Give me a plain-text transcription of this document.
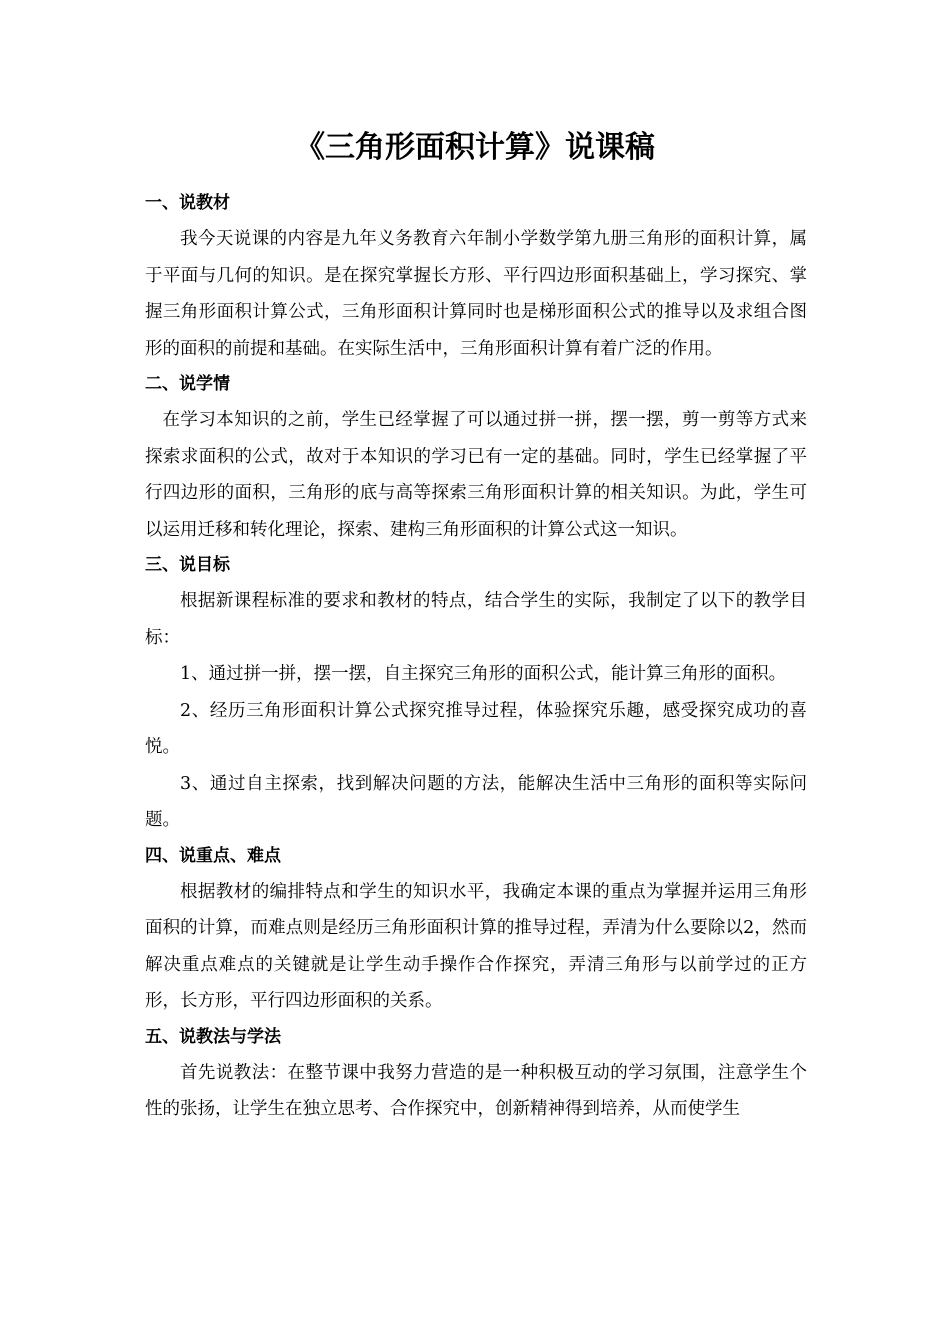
《三角形面积计算》说课稿

一、说教材

我今天说课的内容是九年义务教育六年制小学数学第九册三角形的面积计算，属于平面与几何的知识。是在探究掌握长方形、平行四边形面积基础上，学习探究、掌握三角形面积计算公式，三角形面积计算同时也是梯形面积公式的推导以及求组合图形的面积的前提和基础。在实际生活中，三角形面积计算有着广泛的作用。

二、说学情

在学习本知识的之前，学生已经掌握了可以通过拼一拼，摆一摆，剪一剪等方式来探索求面积的公式，故对于本知识的学习已有一定的基础。同时，学生已经掌握了平行四边形的面积，三角形的底与高等探索三角形面积计算的相关知识。为此，学生可以运用迁移和转化理论，探索、建构三角形面积的计算公式这一知识。

三、说目标

根据新课程标准的要求和教材的特点，结合学生的实际，我制定了以下的教学目标：

1、通过拼一拼，摆一摆，自主探究三角形的面积公式，能计算三角形的面积。

2、经历三角形面积计算公式探究推导过程，体验探究乐趣，感受探究成功的喜悦。

3、通过自主探索，找到解决问题的方法，能解决生活中三角形的面积等实际问题。

四、说重点、难点

根据教材的编排特点和学生的知识水平，我确定本课的重点为掌握并运用三角形面积的计算，而难点则是经历三角形面积计算的推导过程，弄清为什么要除以2，然而解决重点难点的关键就是让学生动手操作合作探究，弄清三角形与以前学过的正方形，长方形，平行四边形面积的关系。

五、说教法与学法

首先说教法：在整节课中我努力营造的是一种积极互动的学习氛围，注意学生个性的张扬，让学生在独立思考、合作探究中，创新精神得到培养，从而使学生
